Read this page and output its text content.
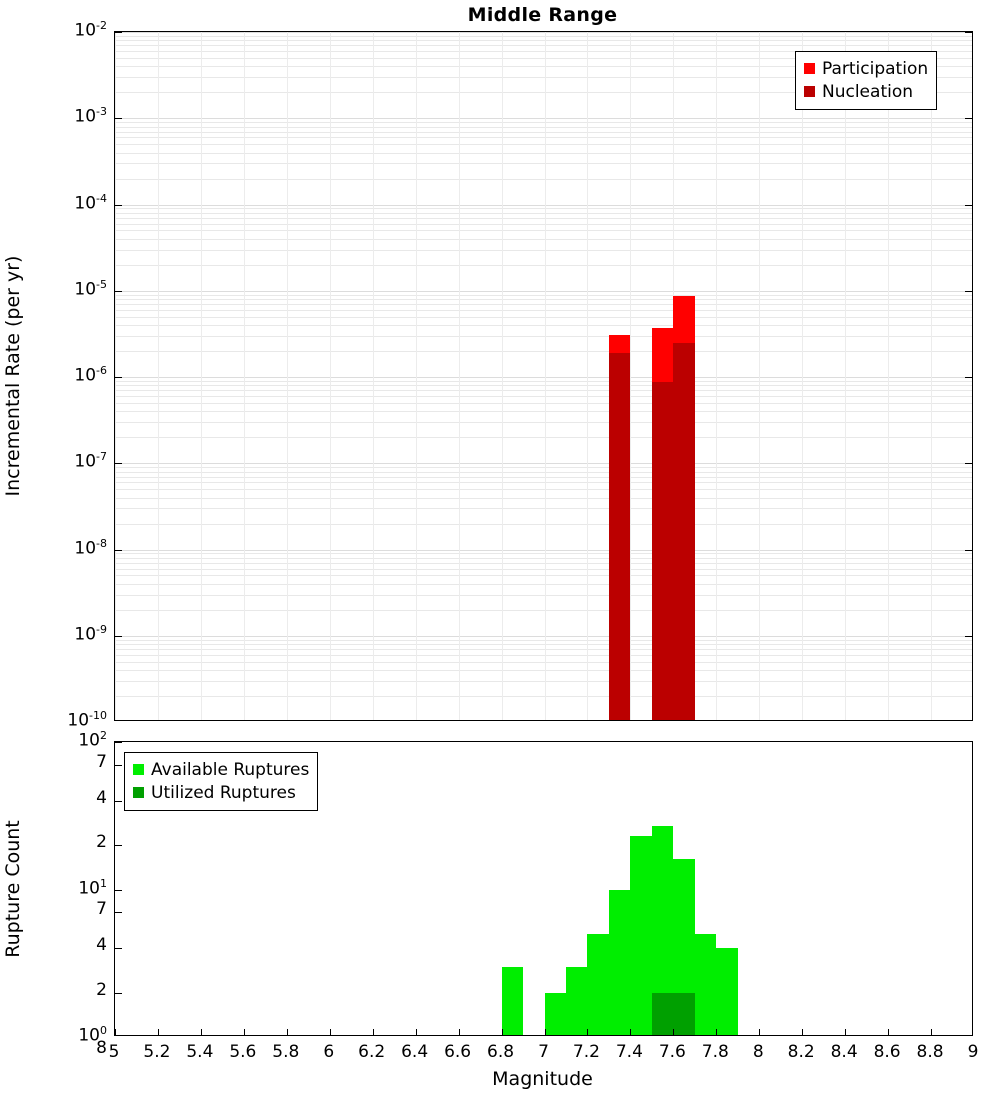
Middle Range
Incremental Rate (per yr)
Rupture Count
Magnitude
Participation
Nucleation
Available Ruptures
Utilized Ruptures
$10^{-2}$
$10^{-3}$
$10^{-4}$
$10^{-5}$
$10^{-6}$
$10^{-7}$
$10^{-8}$
$10^{-9}$
$10^{-10}$
$10^2$
7
4
2
$10^1$
7
4
2
$10^0$
8 5	5.2 5.4 5.6 5.8	6	6.2 6.4 6.6 6.8	7	7.2 7.4 7.6 7.8	8	8.2 8.4 8.6 8.8	9
